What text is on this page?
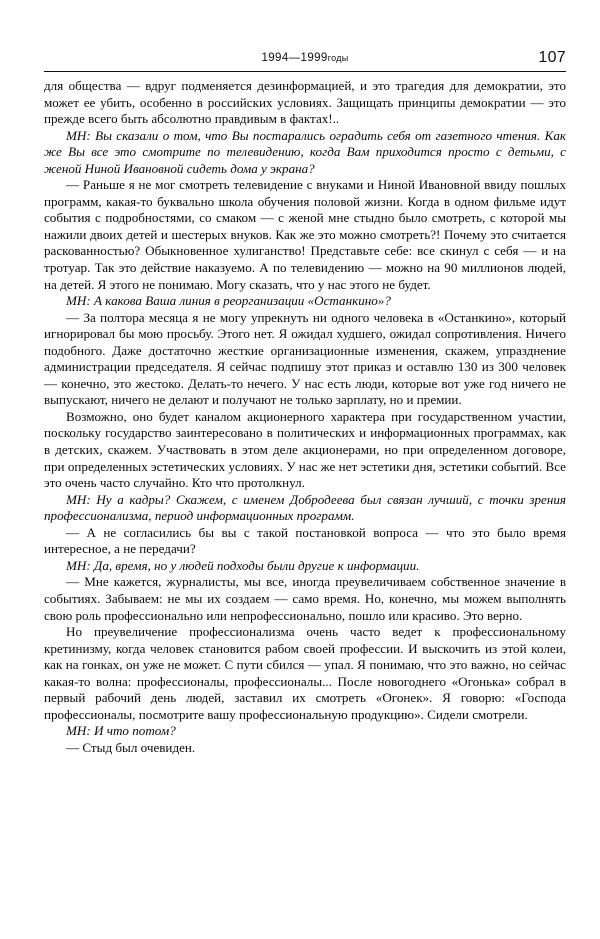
1994—1999годы	107

для общества — вдруг подменяется дезинформацией, и это трагедия для демократии, это может ее убить, особенно в российских условиях. Защищать принципы демократии — это прежде всего быть абсолютно правдивым в фактах!..

МН: Вы сказали о том, что Вы постарались оградить себя от газетного чтения. Как же Вы все это смотрите по телевидению, когда Вам приходится просто с детьми, с женой Ниной Ивановной сидеть дома у экрана?

— Раньше я не мог смотреть телевидение с внуками и Ниной Ивановной ввиду пошлых программ, какая-то буквально школа обучения половой жизни. Когда в одном фильме идут события с подробностями, со смаком — с женой мне стыдно было смотреть, с которой мы нажили двоих детей и шестерых внуков. Как же это можно смотреть?! Почему это считается раскованностью? Обыкновенное хулиганство! Представьте себе: все скинул с себя — и на тротуар. Так это действие наказуемо. А по телевидению — можно на 90 миллионов людей, на детей. Я этого не понимаю. Могу сказать, что у нас этого не будет.

МН: А какова Ваша линия в реорганизации «Останкино»?

— За полтора месяца я не могу упрекнуть ни одного человека в «Останкино», который игнорировал бы мою просьбу. Этого нет. Я ожидал худшего, ожидал сопротивления. Ничего подобного. Даже достаточно жесткие организационные изменения, скажем, упразднение администрации председателя. Я сейчас подпишу этот приказ и оставлю 130 из 300 человек — конечно, это жестоко. Делать-то нечего. У нас есть люди, которые вот уже год ничего не выпускают, ничего не делают и получают не только зарплату, но и премии.

Возможно, оно будет каналом акционерного характера при государственном участии, поскольку государство заинтересовано в политических и информационных программах, как в детских, скажем. Участвовать в этом деле акционерами, но при определенном договоре, при определенных эстетических условиях. У нас же нет эстетики дня, эстетики событий. Все это очень часто случайно. Кто что протолкнул.

МН: Ну а кадры? Скажем, с именем Добродеева был связан лучший, с точки зрения профессионализма, период информационных программ.

— А не согласились бы вы с такой постановкой вопроса — что это было время интересное, а не передачи?

МН: Да, время, но у людей подходы были другие к информации.

— Мне кажется, журналисты, мы все, иногда преувеличиваем собственное значение в событиях. Забываем: не мы их создаем — само время. Но, конечно, мы можем выполнять свою роль профессионально или непрофессионально, пошло или красиво. Это верно.

Но преувеличение профессионализма очень часто ведет к профессиональному кретинизму, когда человек становится рабом своей профессии. И выскочить из этой колеи, как на гонках, он уже не может. С пути сбился — упал. Я понимаю, что это важно, но сейчас какая-то волна: профессионалы, профессионалы... После новогоднего «Огонька» собрал в первый рабочий день людей, заставил их смотреть «Огонек». Я говорю: «Господа профессионалы, посмотрите вашу профессиональную продукцию». Сидели смотрели.

МН: И что потом?

— Стыд был очевиден.
